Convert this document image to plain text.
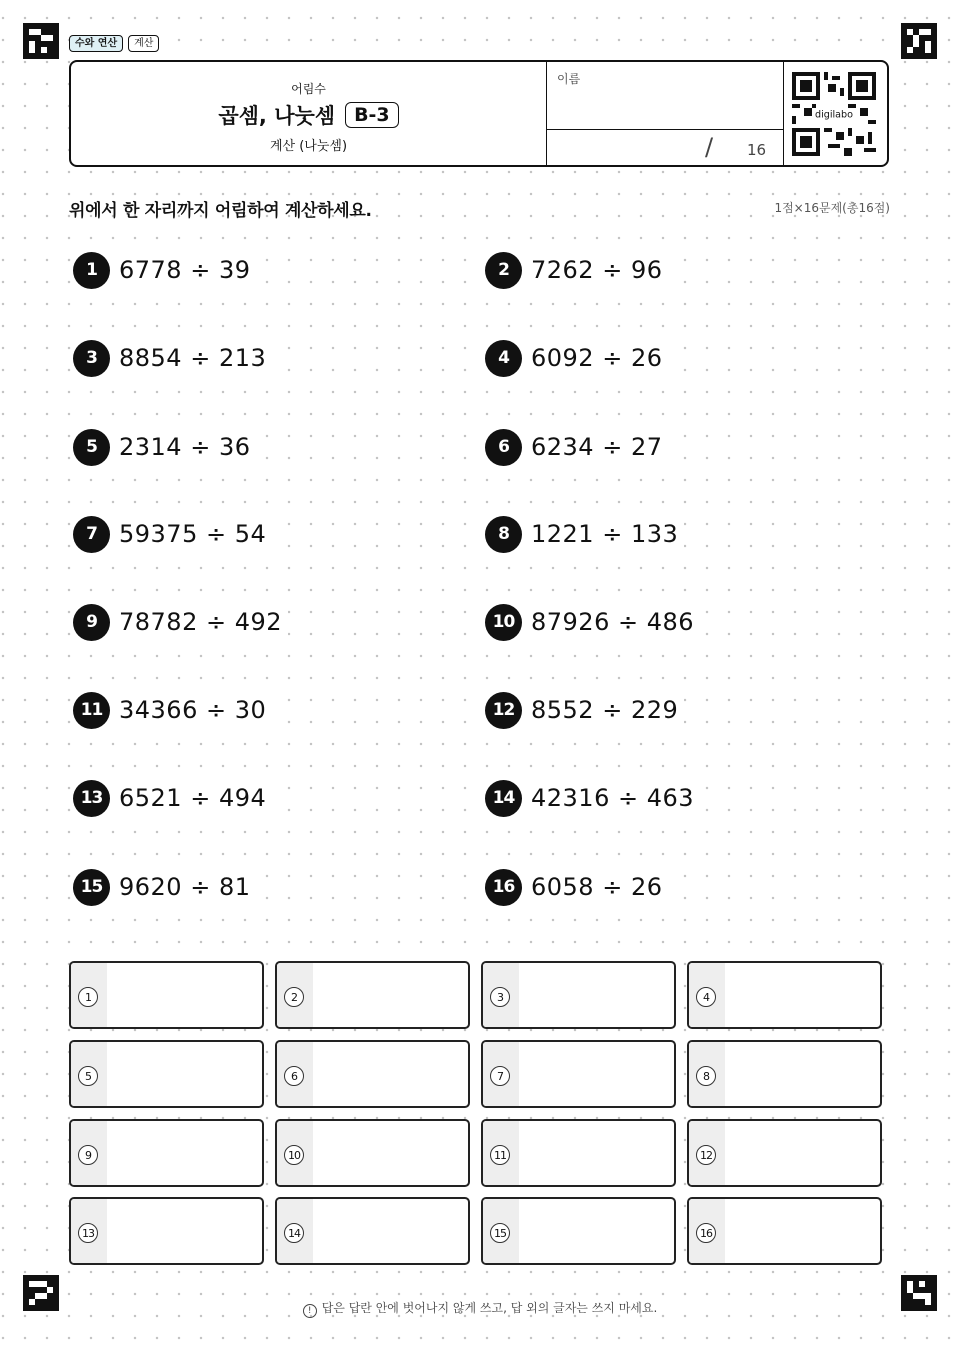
수와 연산	계산
어림수
곱셈, 나눗셈	B-3
계산 (나눗셈)
이름
/ 16
digilabo
위에서 한 자리까지 어림하여 계산하세요.	1점×16문제(총16점)
1 6778 ÷ 39	2 7262 ÷ 96
3 8854 ÷ 213	4 6092 ÷ 26
5 2314 ÷ 36	6 6234 ÷ 27
7 59375 ÷ 54	8 1221 ÷ 133
9 78782 ÷ 492	10 87926 ÷ 486
11 34366 ÷ 30	12 8552 ÷ 229
13 6521 ÷ 494	14 42316 ÷ 463
15 9620 ÷ 81	16 6058 ÷ 26
1	2	3	4
5	6	7	8
9	10	11	12
13	14	15	16
! 답은 답란 안에 벗어나지 않게 쓰고, 답 외의 글자는 쓰지 마세요.
